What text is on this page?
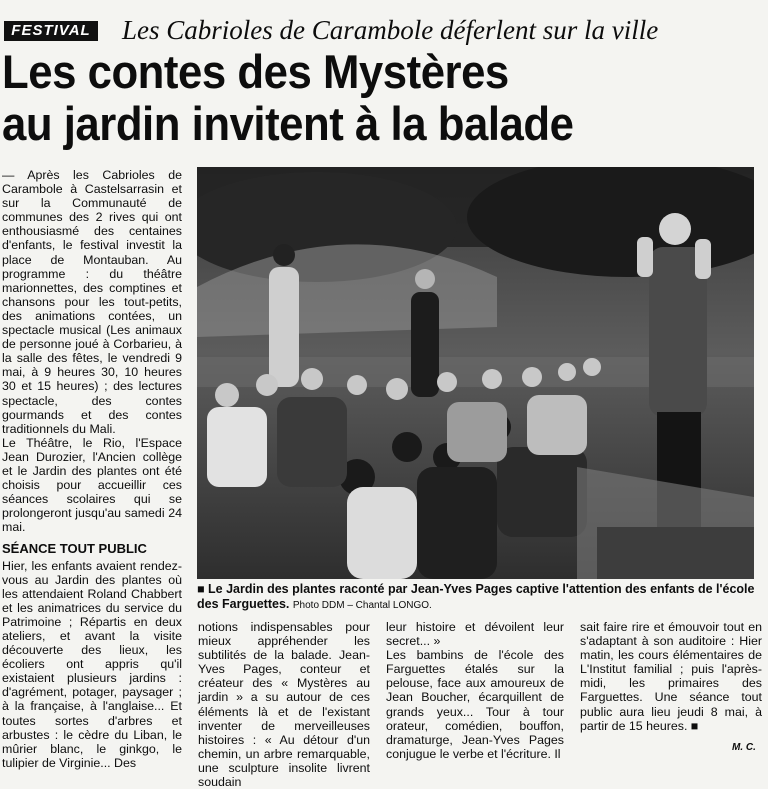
FESTIVAL Les Cabrioles de Carambole déferlent sur la ville
Les contes des Mystères
au jardin invitent à la balade

— Après les Cabrioles de Carambole à Castelsarrasin et sur la Communauté de communes des 2 rives qui ont enthousiasmé des centaines d'enfants, le festival investit la place de Montauban. Au programme : du théâtre marionnettes, des comptines et chansons pour les tout-petits, des animations contées, un spectacle musical (Les animaux de personne joué à Corbarieu, à la salle des fêtes, le vendredi 9 mai, à 9 heures 30, 10 heures 30 et 15 heures) ; des lectures spectacle, des contes gourmands et des contes traditionnels du Mali.

Le Théâtre, le Rio, l'Espace Jean Durozier, l'Ancien collège et le Jardin des plantes ont été choisis pour accueillir ces séances scolaires qui se prolongeront jusqu'au samedi 24 mai.

SÉANCE TOUT PUBLIC

Hier, les enfants avaient rendez-vous au Jardin des plantes où les attendaient Roland Chabbert et les animatrices du service du Patrimoine ; Répartis en deux ateliers, et avant la visite découverte des lieux, les écoliers ont appris qu'il existaient plusieurs jardins : d'agrément, potager, paysager ; à la française, à l'anglaise... Et toutes sortes d'arbres et arbustes : le cèdre du Liban, le mûrier blanc, le ginkgo, le tulipier de Virginie... Des

■ Le Jardin des plantes raconté par Jean-Yves Pages captive l'attention des enfants de l'école des Farguettes. Photo DDM – Chantal LONGO.

notions indispensables pour mieux appréhender les subtilités de la balade. Jean-Yves Pages, conteur et créateur des « Mystères au jardin » a su autour de ces éléments là et de l'existant inventer de merveilleuses histoires : « Au détour d'un chemin, un arbre remarquable, une sculpture insolite livrent soudain

leur histoire et dévoilent leur secret... »

Les bambins de l'école des Farguettes étalés sur la pelouse, face aux amoureux de Jean Boucher, écarquillent de grands yeux... Tour à tour orateur, comédien, bouffon, dramaturge, Jean-Yves Pages conjugue le verbe et l'écriture. Il

sait faire rire et émouvoir tout en s'adaptant à son auditoire : Hier matin, les cours élémentaires de L'Institut familial ; puis l'après-midi, les primaires des Farguettes. Une séance tout public aura lieu jeudi 8 mai, à partir de 15 heures. ■

M. C.
